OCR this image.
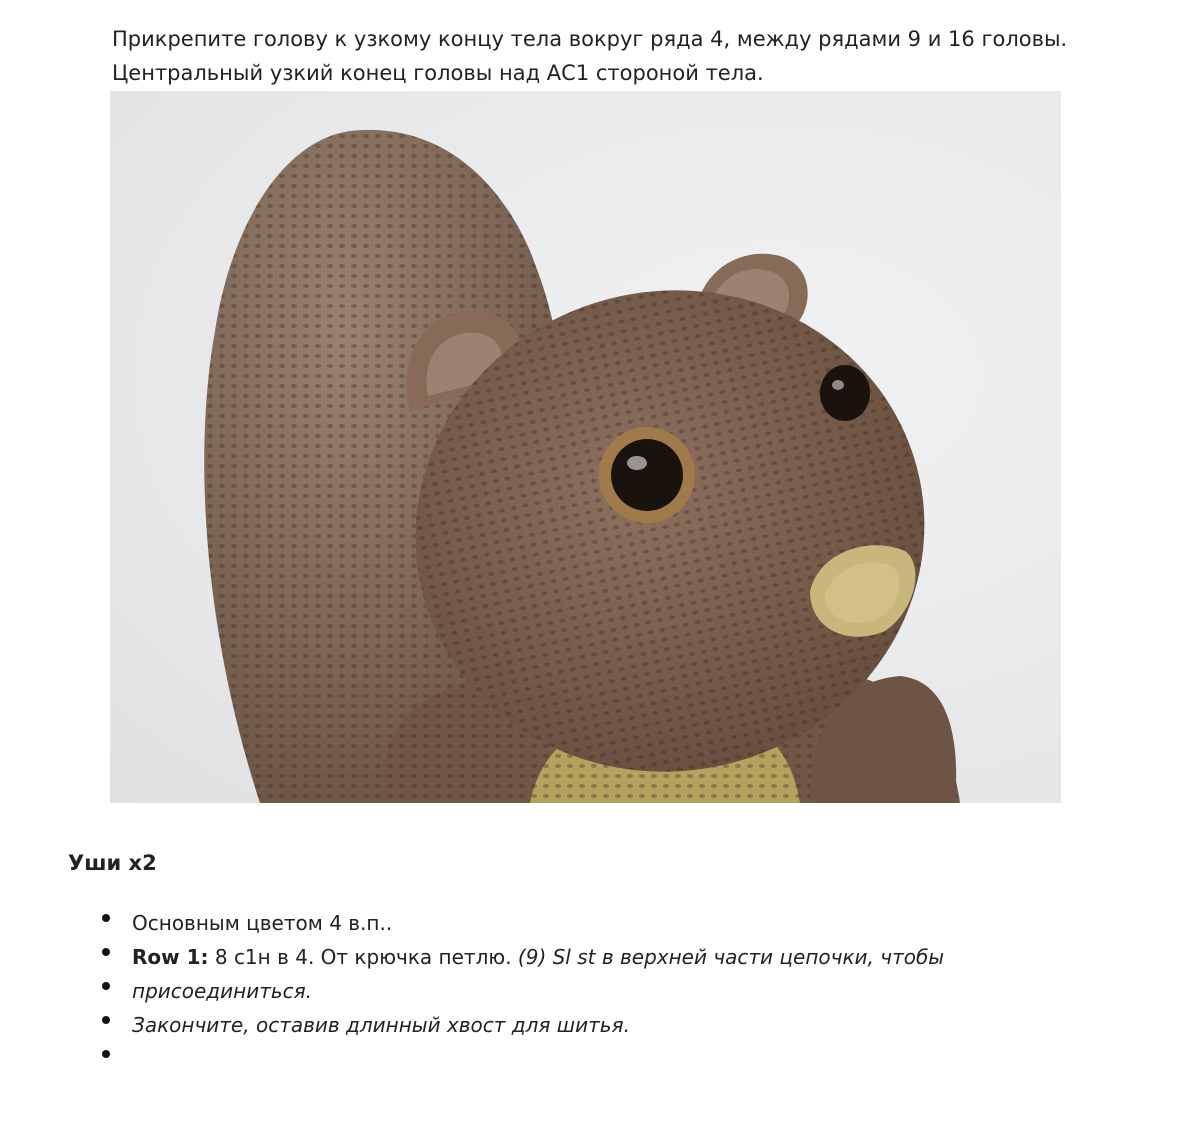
Прикрепите голову к узкому концу тела вокруг ряда 4, между рядами 9 и 16 головы.

Центральный узкий конец головы над АС1 стороной тела.

Уши x2
Основным цветом 4 в.п..
Row 1: 8 с1н в 4. От крючка петлю. (9) Sl st в верхней части цепочки, чтобы
присоединиться.
Закончите, оставив длинный хвост для шитья.
